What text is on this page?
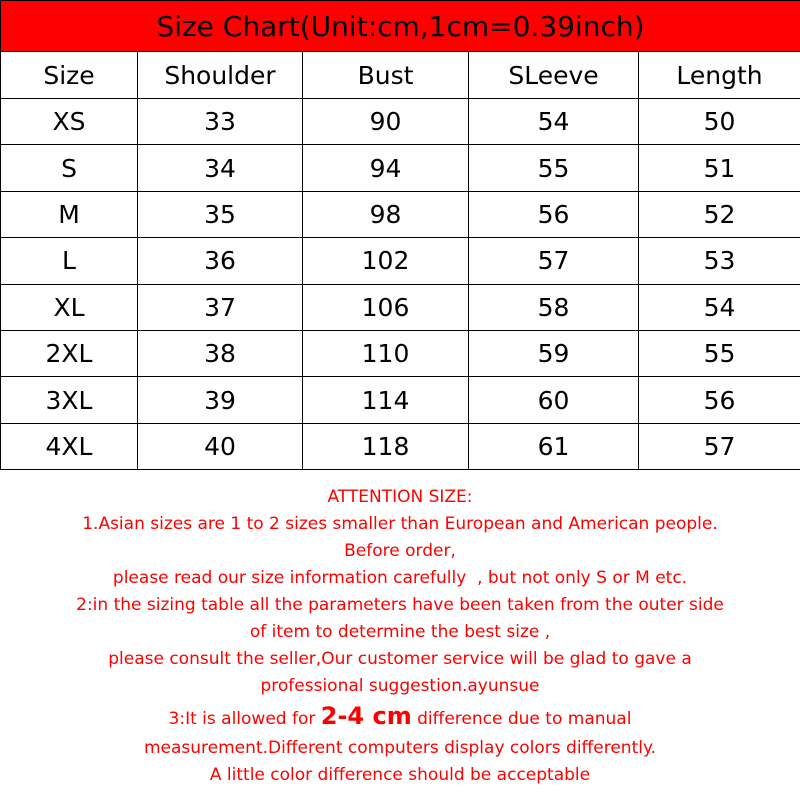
Size Chart(Unit:cm,1cm=0.39inch)				
Size	Shoulder	Bust	SLeeve	Length
XS	33	90	54	50
S	34	94	55	51
M	35	98	56	52
L	36	102	57	53
XL	37	106	58	54
2XL	38	110	59	55
3XL	39	114	60	56
4XL	40	118	61	57
ATTENTION SIZE:
1.Asian sizes are 1 to 2 sizes smaller than European and American people.
Before order,
please read our size information carefully  , but not only S or M etc.
2:in the sizing table all the parameters have been taken from the outer side
of item to determine the best size ,
please consult the seller,Our customer service will be glad to gave a
professional suggestion.ayunsue
3:It is allowed for 2-4 cm difference due to manual
measurement.Different computers display colors differently.
A little color difference should be acceptable
